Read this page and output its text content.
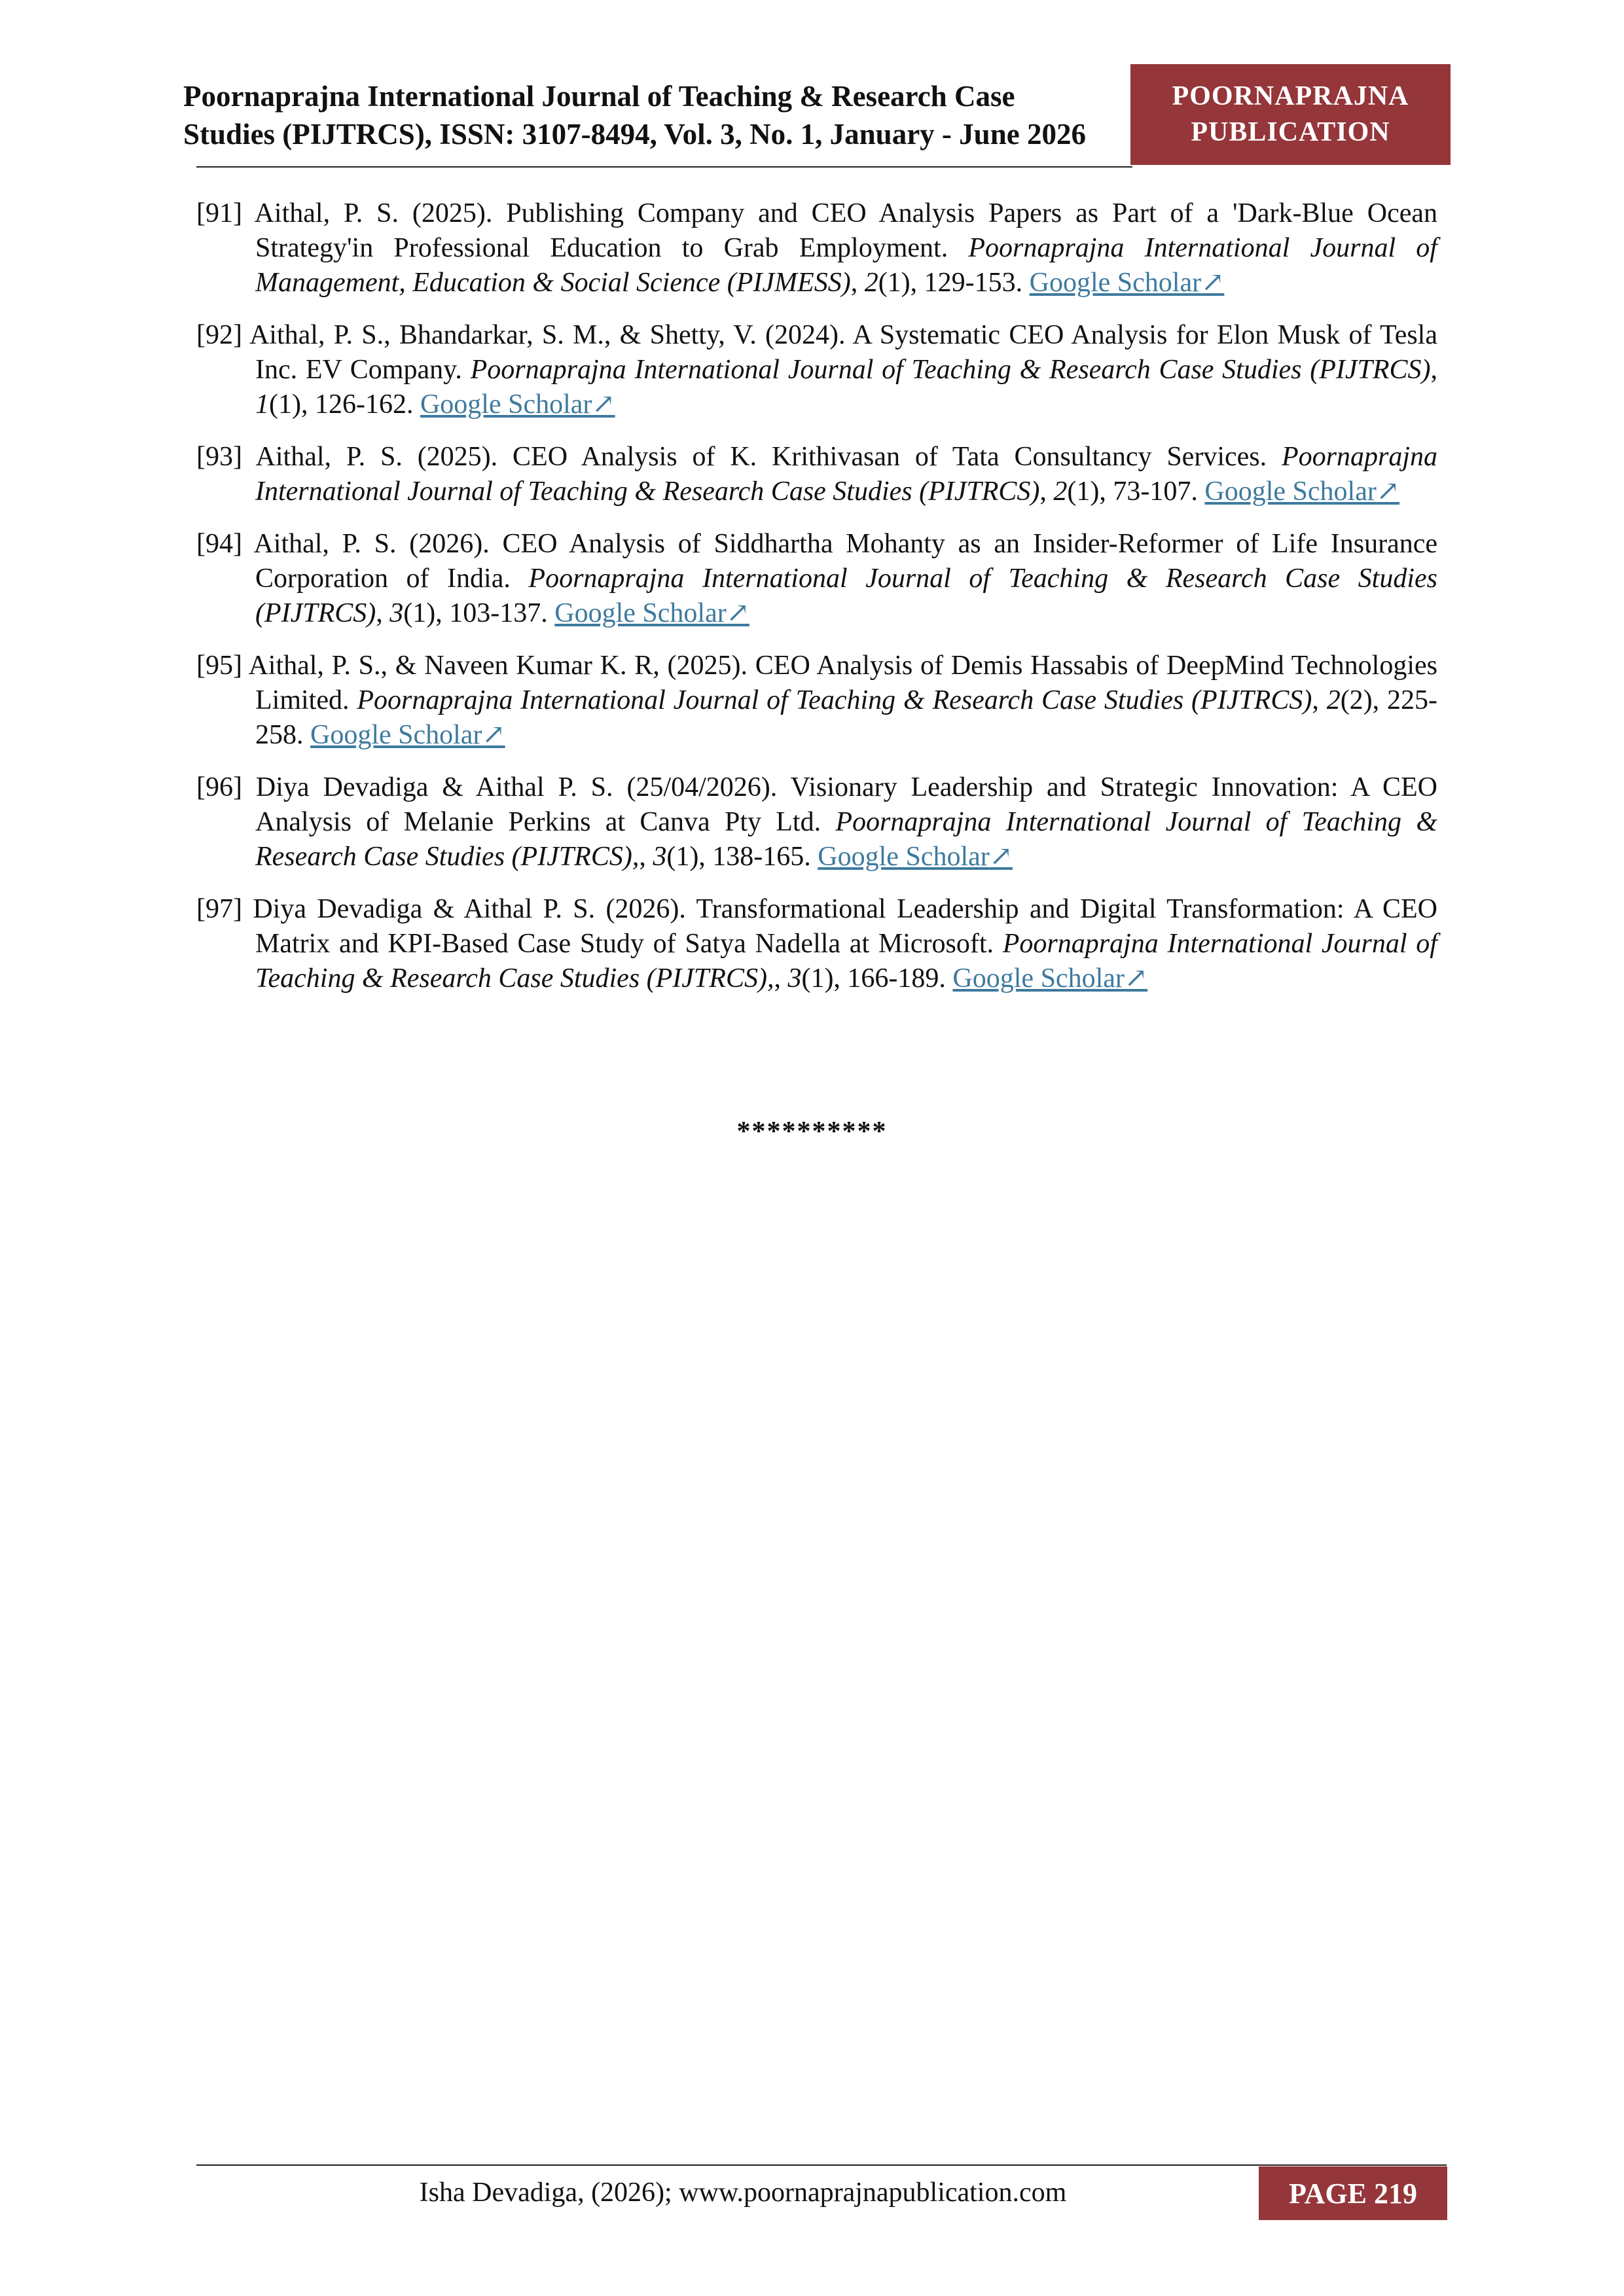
Poornaprajna International Journal of Teaching & Research Case
Studies (PIJTRCS), ISSN: 3107-8494, Vol. 3, No. 1, January - June 2026
POORNAPRAJNA
PUBLICATION
[91] Aithal, P. S. (2025). Publishing Company and CEO Analysis Papers as Part of a 'Dark-Blue Ocean Strategy'in Professional Education to Grab Employment. Poornaprajna International Journal of Management, Education & Social Science (PIJMESS), 2(1), 129-153. Google Scholar↗
[92] Aithal, P. S., Bhandarkar, S. M., & Shetty, V. (2024). A Systematic CEO Analysis for Elon Musk of Tesla Inc. EV Company. Poornaprajna International Journal of Teaching & Research Case Studies (PIJTRCS), 1(1), 126-162. Google Scholar↗
[93] Aithal, P. S. (2025). CEO Analysis of K. Krithivasan of Tata Consultancy Services. Poornaprajna International Journal of Teaching & Research Case Studies (PIJTRCS), 2(1), 73-107. Google Scholar↗
[94] Aithal, P. S. (2026). CEO Analysis of Siddhartha Mohanty as an Insider-Reformer of Life Insurance Corporation of India. Poornaprajna International Journal of Teaching & Research Case Studies (PIJTRCS), 3(1), 103-137. Google Scholar↗
[95] Aithal, P. S., & Naveen Kumar K. R, (2025). CEO Analysis of Demis Hassabis of DeepMind Technologies Limited. Poornaprajna International Journal of Teaching & Research Case Studies (PIJTRCS), 2(2), 225-258. Google Scholar↗
[96] Diya Devadiga & Aithal P. S. (25/04/2026). Visionary Leadership and Strategic Innovation: A CEO Analysis of Melanie Perkins at Canva Pty Ltd. Poornaprajna International Journal of Teaching & Research Case Studies (PIJTRCS),, 3(1), 138-165. Google Scholar↗
[97] Diya Devadiga & Aithal P. S. (2026). Transformational Leadership and Digital Transformation: A CEO Matrix and KPI-Based Case Study of Satya Nadella at Microsoft. Poornaprajna International Journal of Teaching & Research Case Studies (PIJTRCS),, 3(1), 166-189. Google Scholar↗
**********
Isha Devadiga, (2026); www.poornaprajnapublication.com	PAGE 219
